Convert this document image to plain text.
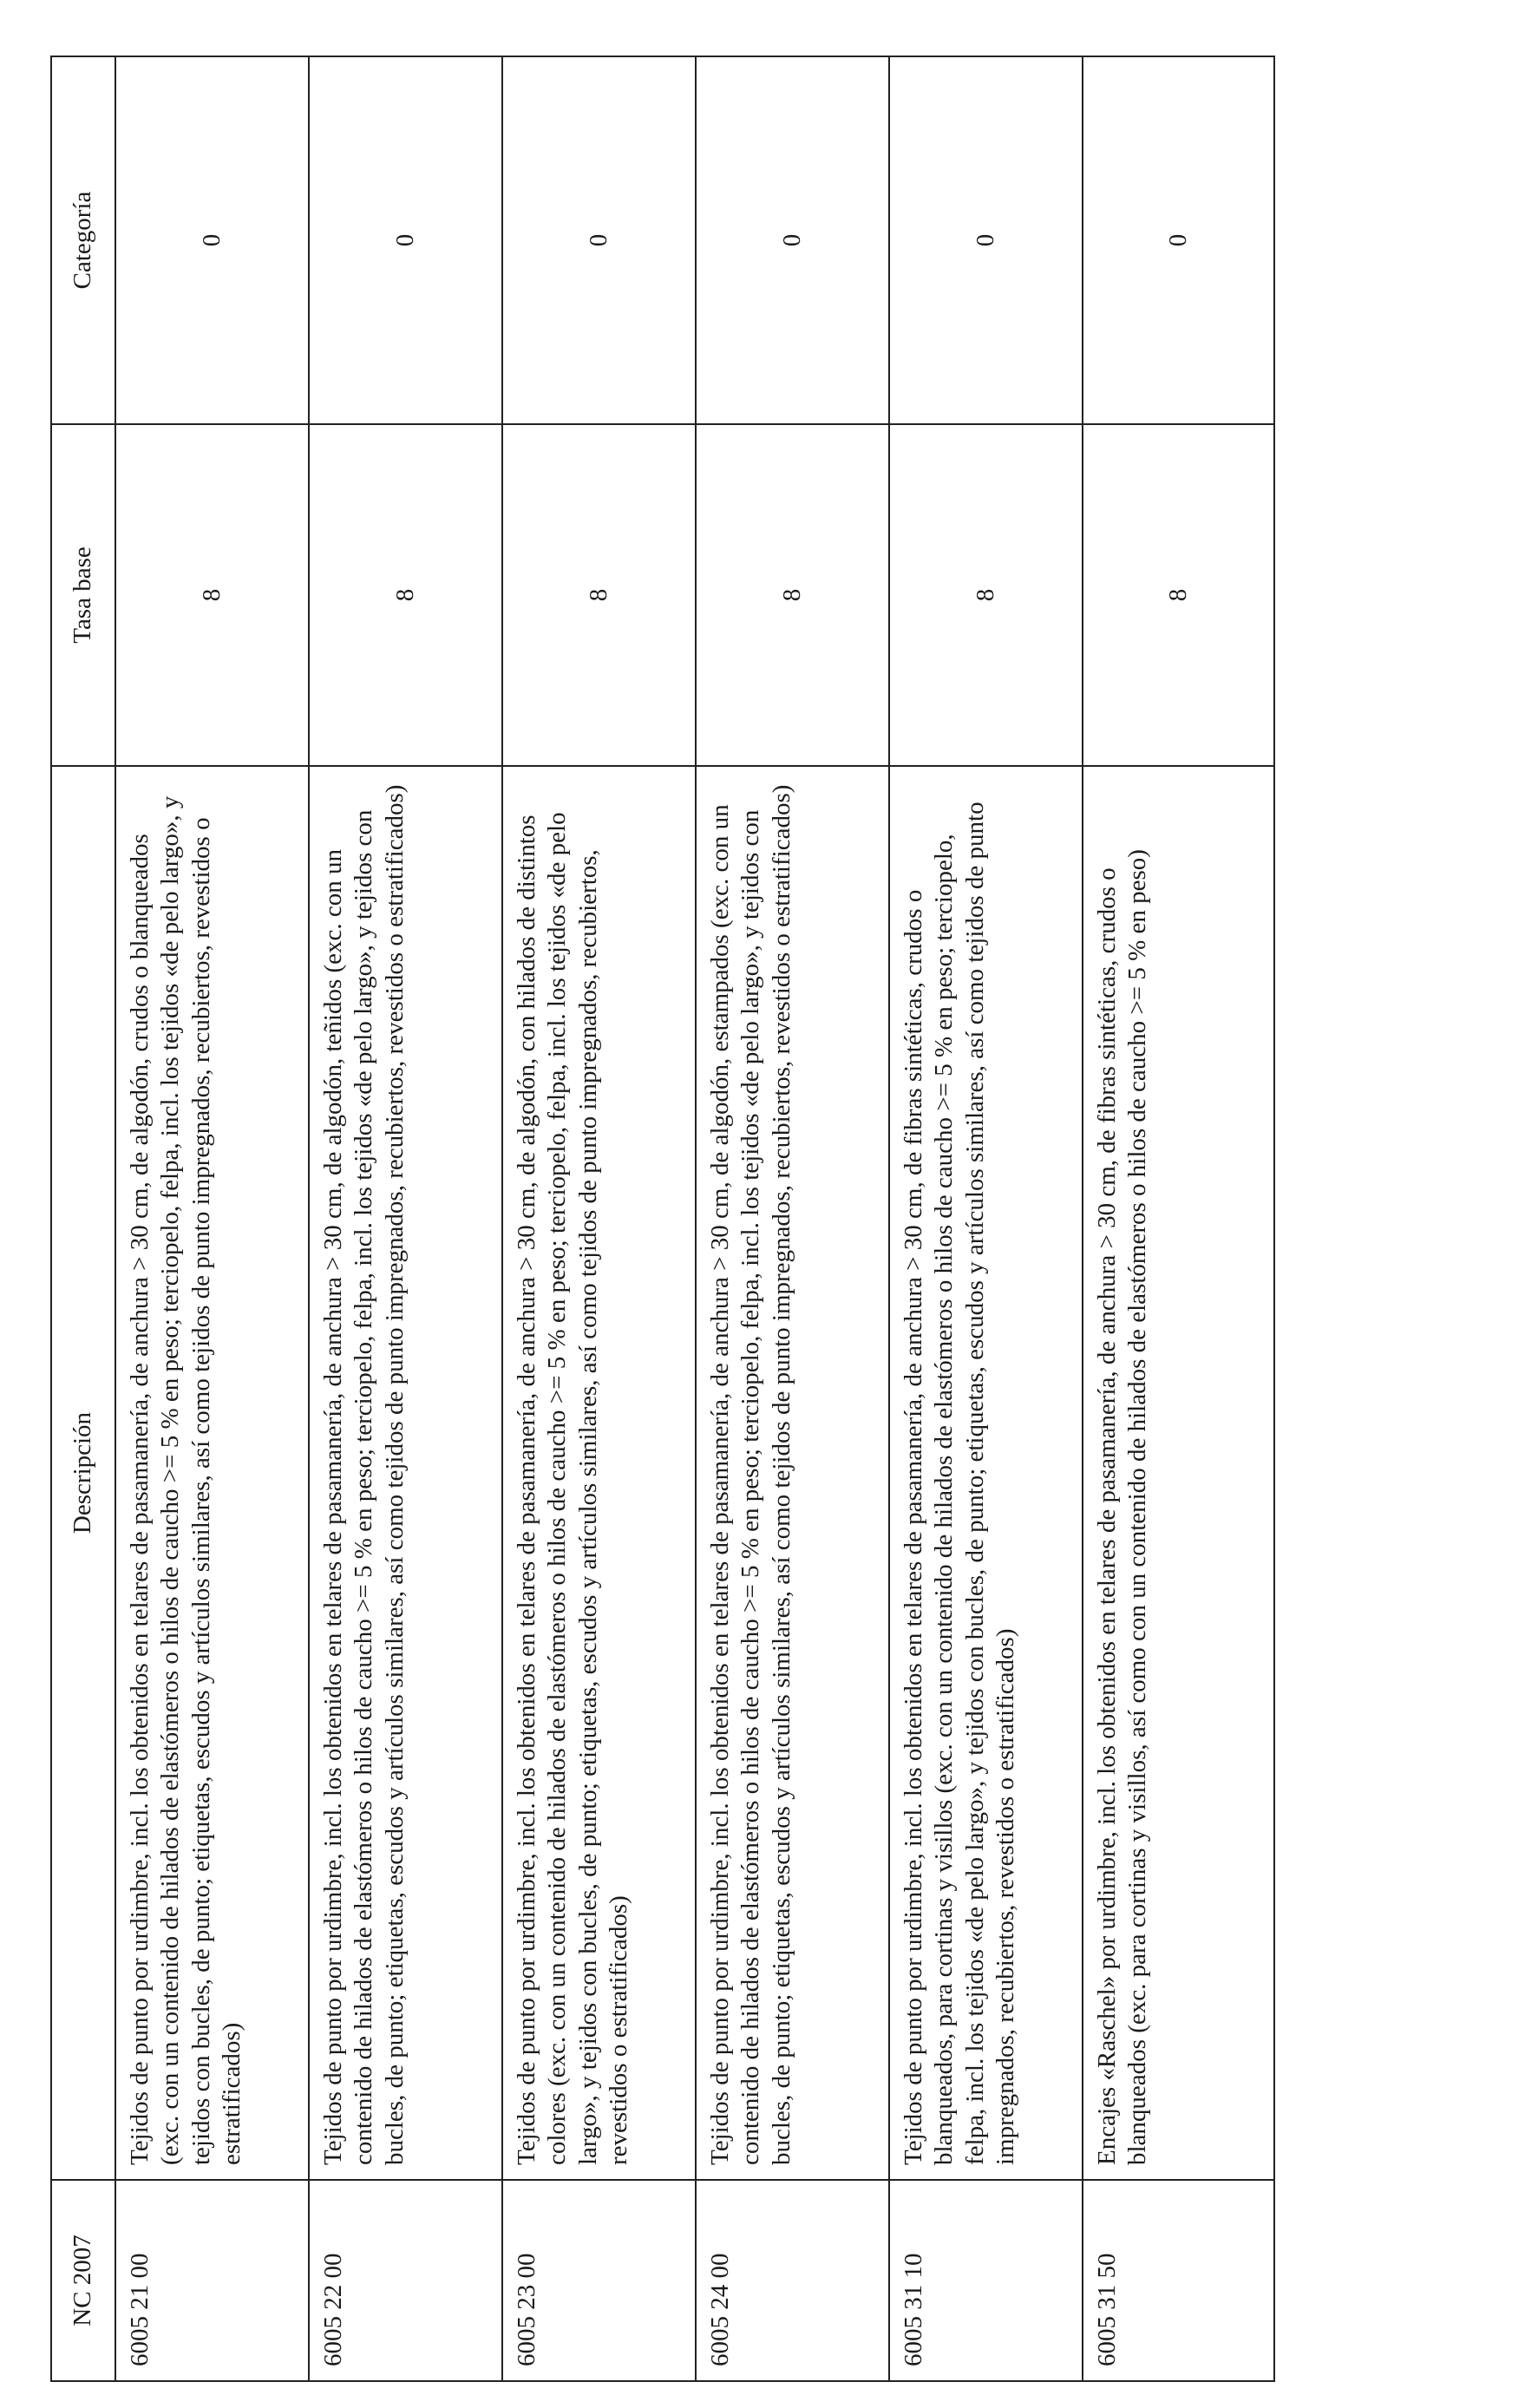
NC 2007	Descripción	Tasa base	Categoría
6005 21 00	Tejidos de punto por urdimbre, incl. los obtenidos en telares de pasamanería, de anchura > 30 cm, de algodón, crudos o blanqueados (exc. con un contenido de hilados de elastómeros o hilos de caucho >= 5 % en peso; terciopelo, felpa, incl. los tejidos «de pelo largo», y tejidos con bucles, de punto; etiquetas, escudos y artículos similares, así como tejidos de punto impregnados, recubiertos, revestidos o estratificados)	8	0
6005 22 00	Tejidos de punto por urdimbre, incl. los obtenidos en telares de pasamanería, de anchura > 30 cm, de algodón, teñidos (exc. con un contenido de hilados de elastómeros o hilos de caucho >= 5 % en peso; terciopelo, felpa, incl. los tejidos «de pelo largo», y tejidos con bucles, de punto; etiquetas, escudos y artículos similares, así como tejidos de punto impregnados, recubiertos, revestidos o estratificados)	8	0
6005 23 00	Tejidos de punto por urdimbre, incl. los obtenidos en telares de pasamanería, de anchura > 30 cm, de algodón, con hilados de distintos colores (exc. con un contenido de hilados de elastómeros o hilos de caucho >= 5 % en peso; terciopelo, felpa, incl. los tejidos «de pelo largo», y tejidos con bucles, de punto; etiquetas, escudos y artículos similares, así como tejidos de punto impregnados, recubiertos, revestidos o estratificados)	8	0
6005 24 00	Tejidos de punto por urdimbre, incl. los obtenidos en telares de pasamanería, de anchura > 30 cm, de algodón, estampados (exc. con un contenido de hilados de elastómeros o hilos de caucho >= 5 % en peso; terciopelo, felpa, incl. los tejidos «de pelo largo», y tejidos con bucles, de punto; etiquetas, escudos y artículos similares, así como tejidos de punto impregnados, recubiertos, revestidos o estratificados)	8	0
6005 31 10	Tejidos de punto por urdimbre, incl. los obtenidos en telares de pasamanería, de anchura > 30 cm, de fibras sintéticas, crudos o blanqueados, para cortinas y visillos (exc. con un contenido de hilados de elastómeros o hilos de caucho >= 5 % en peso; terciopelo, felpa, incl. los tejidos «de pelo largo», y tejidos con bucles, de punto; etiquetas, escudos y artículos similares, así como tejidos de punto impregnados, recubiertos, revestidos o estratificados)	8	0
6005 31 50	Encajes «Raschel» por urdimbre, incl. los obtenidos en telares de pasamanería, de anchura > 30 cm, de fibras sintéticas, crudos o blanqueados (exc. para cortinas y visillos, así como con un contenido de hilados de elastómeros o hilos de caucho >= 5 % en peso)	8	0
